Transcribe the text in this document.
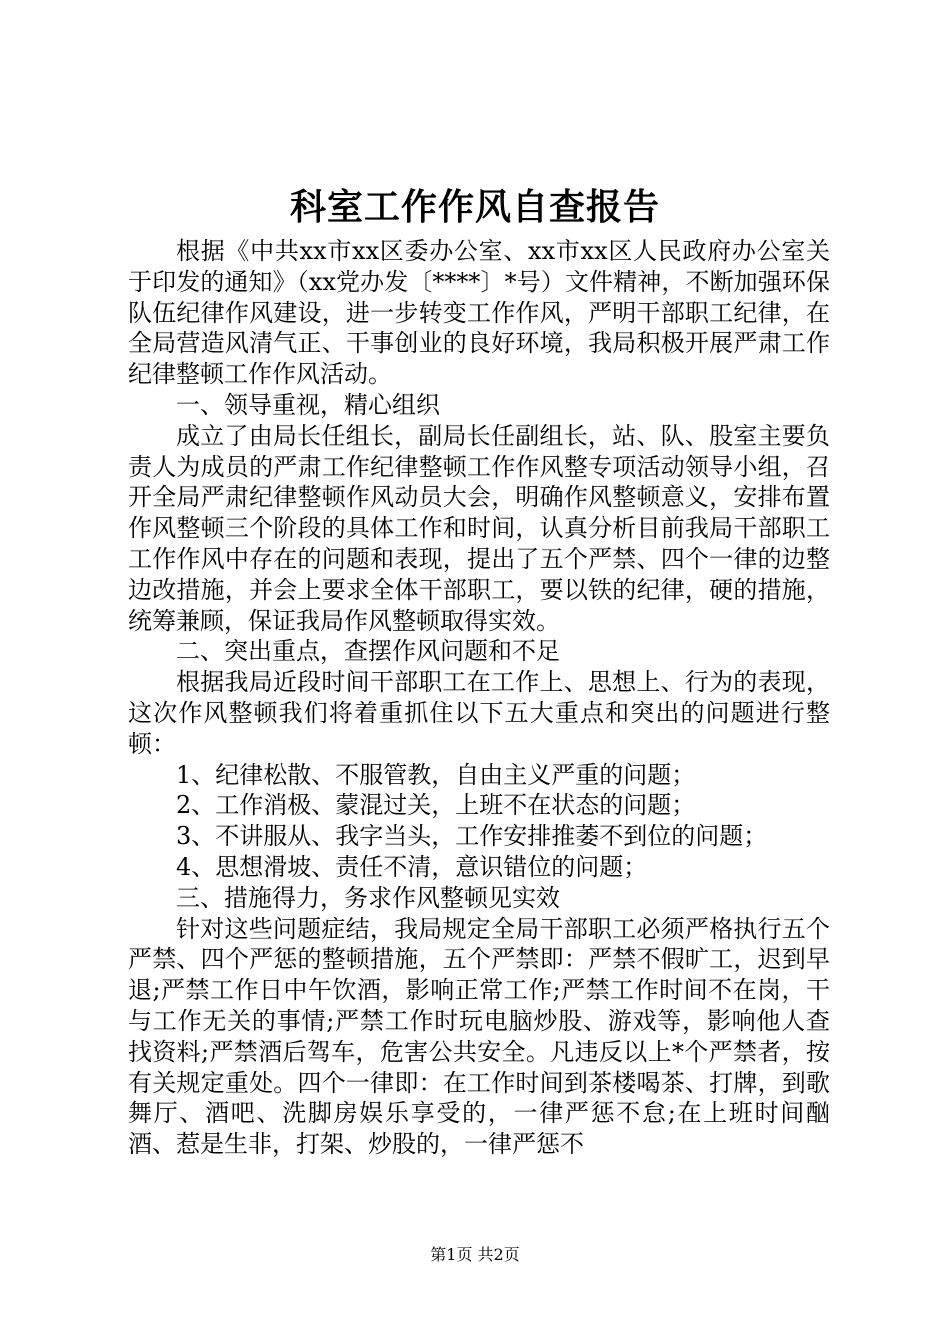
科室工作作风自查报告

根据《中共xx市xx区委办公室、xx市xx区人民政府办公室关于印发的通知》（xx党办发〔****〕*号）文件精神，不断加强环保队伍纪律作风建设，进一步转变工作作风，严明干部职工纪律，在全局营造风清气正、干事创业的良好环境，我局积极开展严肃工作纪律整顿工作作风活动。

一、领导重视，精心组织

成立了由局长任组长，副局长任副组长，站、队、股室主要负责人为成员的严肃工作纪律整顿工作作风整专项活动领导小组，召开全局严肃纪律整顿作风动员大会，明确作风整顿意义，安排布置作风整顿三个阶段的具体工作和时间，认真分析目前我局干部职工工作作风中存在的问题和表现，提出了五个严禁、四个一律的边整边改措施，并会上要求全体干部职工，要以铁的纪律，硬的措施，统筹兼顾，保证我局作风整顿取得实效。

二、突出重点，查摆作风问题和不足

根据我局近段时间干部职工在工作上、思想上、行为的表现，这次作风整顿我们将着重抓住以下五大重点和突出的问题进行整顿：

1、纪律松散、不服管教，自由主义严重的问题；

2、工作消极、蒙混过关，上班不在状态的问题；

3、不讲服从、我字当头，工作安排推萎不到位的问题；

4、思想滑坡、责任不清，意识错位的问题；

三、措施得力，务求作风整顿见实效

针对这些问题症结，我局规定全局干部职工必须严格执行五个严禁、四个严惩的整顿措施，五个严禁即：严禁不假旷工，迟到早退;严禁工作日中午饮酒，影响正常工作;严禁工作时间不在岗，干与工作无关的事情;严禁工作时玩电脑炒股、游戏等，影响他人查找资料;严禁酒后驾车，危害公共安全。凡违反以上*个严禁者，按有关规定重处。四个一律即：在工作时间到茶楼喝茶、打牌，到歌舞厅、酒吧、洗脚房娱乐享受的，一律严惩不怠;在上班时间酗酒、惹是生非，打架、炒股的，一律严惩不

第1页 共2页
